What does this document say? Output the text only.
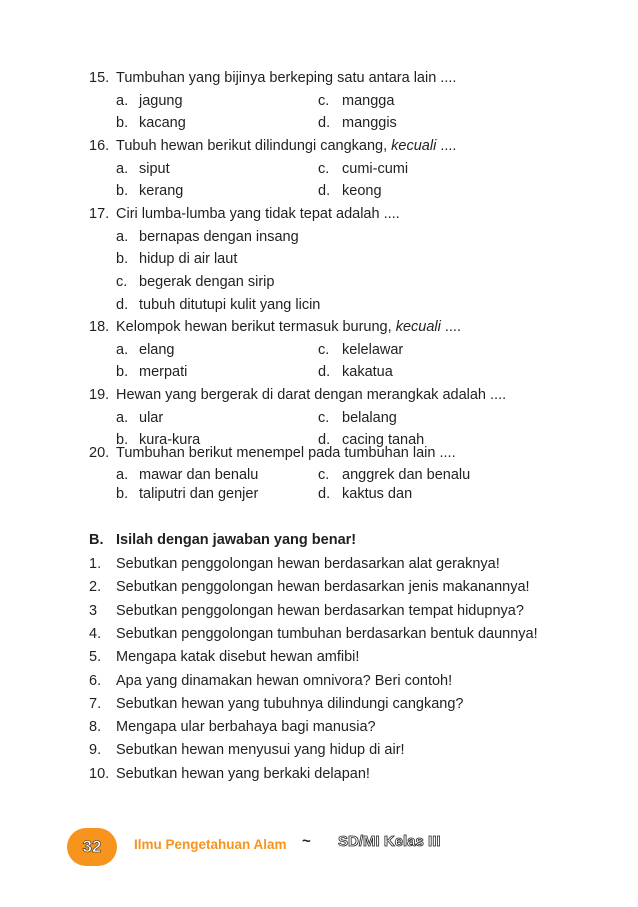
15. Tumbuhan yang bijinya berkeping satu antara lain ....
a. jagung	c. mangga
b. kacang	d. manggis
16. Tubuh hewan berikut dilindungi cangkang, kecuali ....
a. siput	c. cumi-cumi
b. kerang	d. keong
17. Ciri lumba-lumba yang tidak tepat adalah ....
a. bernapas dengan insang
b. hidup di air laut
c. begerak dengan sirip
d. tubuh ditutupi kulit yang licin
18. Kelompok hewan berikut termasuk burung, kecuali ....
a. elang	c. kelelawar
b. merpati	d. kakatua
19. Hewan yang bergerak di darat dengan merangkak adalah ....
a. ular	c. belalang
b. kura-kura	d. cacing tanah
20. Tumbuhan berikut menempel pada tumbuhan lain ....
a. mawar dan benalu	c. anggrek dan benalu
b. taliputri dan genjer	d. kaktus dan
B. Isilah dengan jawaban yang benar!
1. Sebutkan penggolongan hewan berdasarkan alat geraknya!
2. Sebutkan penggolongan hewan berdasarkan jenis makanannya!
3 Sebutkan penggolongan hewan berdasarkan tempat hidupnya?
4. Sebutkan penggolongan tumbuhan berdasarkan bentuk daunnya!
5. Mengapa katak disebut hewan amfibi!
6. Apa yang dinamakan hewan omnivora? Beri contoh!
7. Sebutkan hewan yang tubuhnya dilindungi cangkang?
8. Mengapa ular berbahaya bagi manusia?
9. Sebutkan hewan menyusui yang hidup di air!
10. Sebutkan hewan yang berkaki delapan!
32	Ilmu Pengetahuan Alam ~ SD/MI Kelas III
